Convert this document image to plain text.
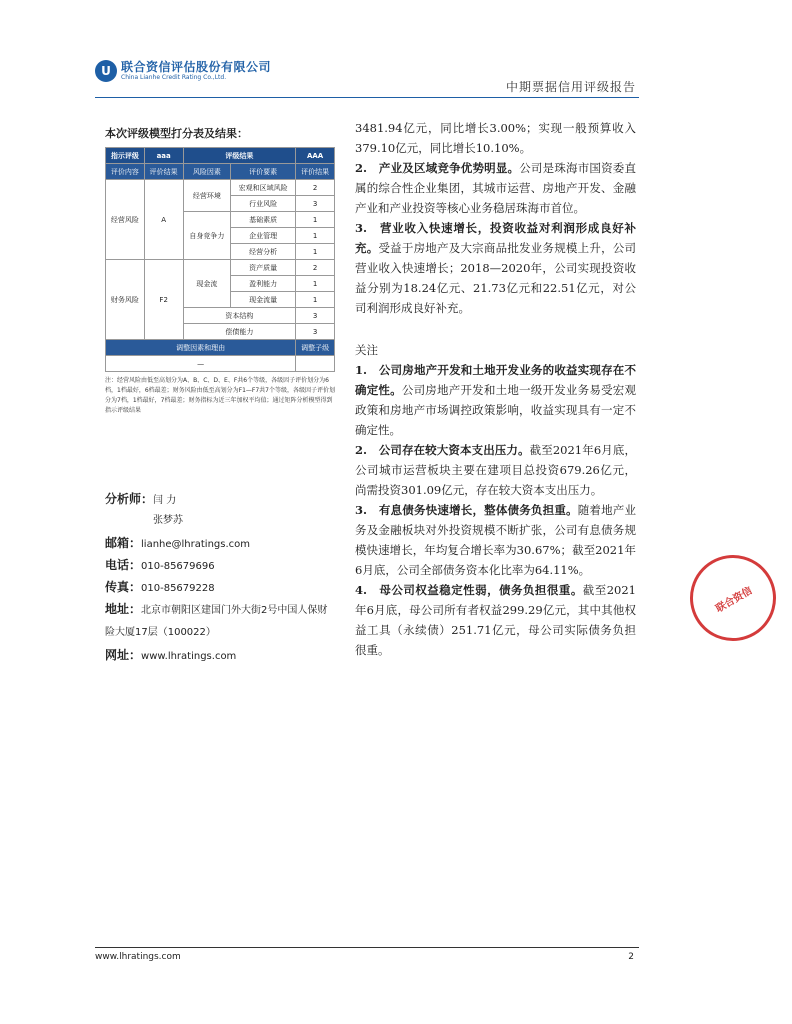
U 联合资信评估股份有限公司
China Lianhe Credit Rating Co.,Ltd.
中期票据信用评级报告
本次评级模型打分表及结果：
指示评级	aaa	评级结果		AAA
评价内容	评价结果	风险因素	评价要素	评价结果
经营风险	A	经营环境	宏观和区域风险	2
			行业风险	3
		自身竞争力	基础素质	1
			企业管理	1
			经营分析	1
财务风险	F2	现金流	资产质量	2
			盈利能力	1
			现金流量	1
		资本结构		3
		偿债能力		3
调整因素和理由				调整子级
—				
注：经营风险由低至高划分为A、B、C、D、E、F共6个等级，各级因子评价划分为6档，1档最好，6档最差；财务风险由低至高划分为F1—F7共7个等级，各级因子评价划分为7档，1档最好，7档最差；财务指标为近三年加权平均值；通过矩阵分析模型得到指示评级结果
分析师：闫 力
张梦苏
邮箱：lianhe@lhratings.com
电话：010-85679696
传真：010-85679228
地址：北京市朝阳区建国门外大街2号中国人保财险大厦17层（100022）
网址：www.lhratings.com

3481.94亿元，同比增长3.00%；实现一般预算收入379.10亿元，同比增长10.10%。

2.　产业及区域竞争优势明显。公司是珠海市国资委直属的综合性企业集团，其城市运营、房地产开发、金融产业和产业投资等核心业务稳居珠海市首位。

3.　营业收入快速增长，投资收益对利润形成良好补充。受益于房地产及大宗商品批发业务规模上升，公司营业收入快速增长；2018—2020年，公司实现投资收益分别为18.24亿元、21.73亿元和22.51亿元，对公司利润形成良好补充。

关注

1.　公司房地产开发和土地开发业务的收益实现存在不确定性。公司房地产开发和土地一级开发业务易受宏观政策和房地产市场调控政策影响，收益实现具有一定不确定性。

2.　公司存在较大资本支出压力。截至2021年6月底，公司城市运营板块主要在建项目总投资679.26亿元，尚需投资301.09亿元，存在较大资本支出压力。

3.　有息债务快速增长，整体债务负担重。随着地产业务及金融板块对外投资规模不断扩张，公司有息债务规模快速增长，年均复合增长率为30.67%；截至2021年6月底，公司全部债务资本化比率为64.11%。

4.　母公司权益稳定性弱，债务负担很重。截至2021年6月底，母公司所有者权益299.29亿元，其中其他权益工具（永续债）251.71亿元，母公司实际债务负担很重。

联合资信
www.lhratings.com	2
